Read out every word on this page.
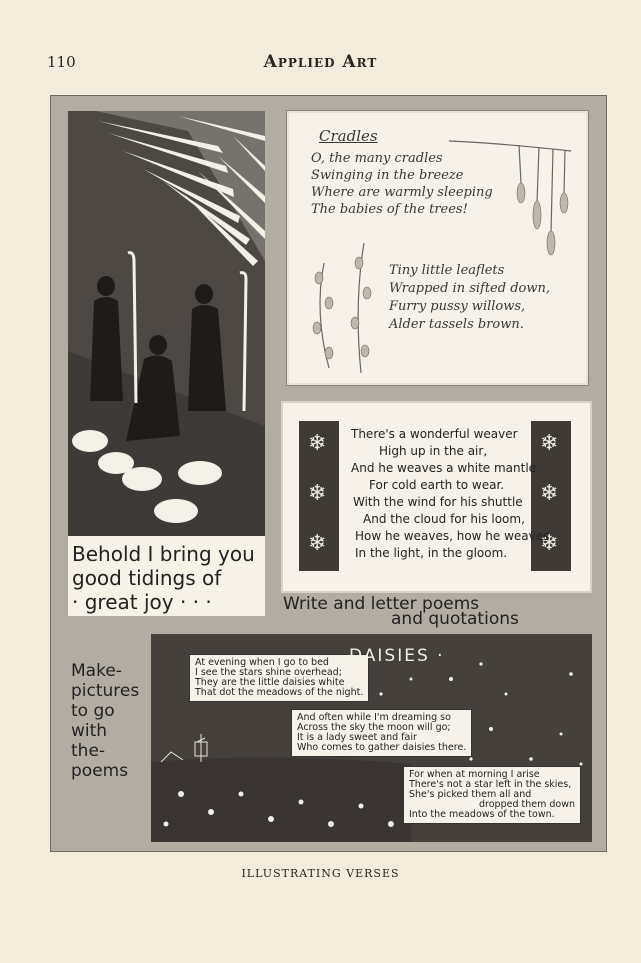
110	Applied Art
Behold I bring you
good tidings of
· great joy · · ·
Cradles
O, the many cradles
Swinging in the breeze
Where are warmly sleeping
The babies of the trees!
Tiny little leaflets
Wrapped in sifted down,
Furry pussy willows,
Alder tassels brown.
❄
❄
❄
❄
❄
❄
There's a wonderful weaver
High up in the air,
And he weaves a white mantle
For cold earth to wear.
With the wind for his shuttle
And the cloud for his loom,
How he weaves, how he weaves
In the light, in the gloom.
Write and letter poems
and quotations
Make-
pictures
to go
with
the-
poems
At evening when I go to bed
I see the stars shine overhead;
They are the little daisies white
That dot the meadows of the night.
DAISIES ·
And often while I'm dreaming so
Across the sky the moon will go;
It is a lady sweet and fair
Who comes to gather daisies there.
For when at morning I arise
There's not a star left in the skies,
She's picked them all and
dropped them down
Into the meadows of the town.
ILLUSTRATING VERSES
